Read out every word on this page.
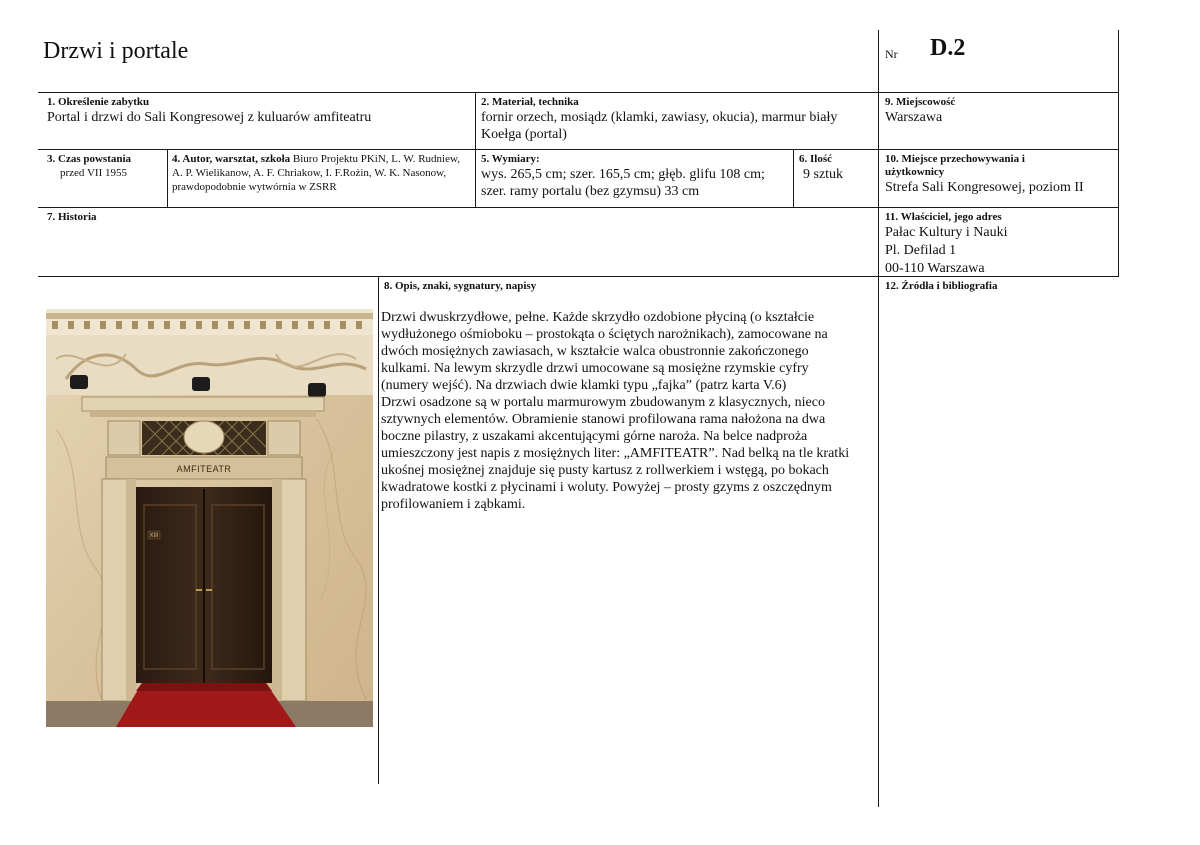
Drzwi i portale	Nr D.2
1. Określenie zabytku
Portal i drzwi do Sali Kongresowej z kuluarów amfiteatru
2. Materiał, technika
fornir orzech, mosiądz (klamki, zawiasy, okucia), marmur biały Koełga (portal)
9. Miejscowość
Warszawa
3. Czas powstania
przed VII 1955
4. Autor, warsztat, szkoła Biuro Projektu PKiN, L. W. Rudniew, A. P. Wielikanow, A. F. Chriakow, I. F.Rożin, W. K. Nasonow, prawdopodobnie wytwórnia w ZSRR
5. Wymiary:
wys. 265,5 cm; szer. 165,5 cm; głęb. glifu 108 cm; szer. ramy portalu (bez gzymsu) 33 cm
6. Ilość
9 sztuk
10. Miejsce przechowywania i
użytkownicy
Strefa Sali Kongresowej, poziom II
7. Historia	11. Właściciel, jego adres
Pałac Kultury i Nauki
Pl. Defilad 1
00-110 Warszawa
8. Opis, znaki, sygnatury, napisy
Drzwi dwuskrzydłowe, pełne. Każde skrzydło ozdobione płyciną (o kształcie wydłużonego ośmioboku – prostokąta o ściętych narożnikach), zamocowane na dwóch mosiężnych zawiasach, w kształcie walca obustronnie zakończonego kulkami. Na lewym skrzydle drzwi umocowane są mosiężne rzymskie cyfry (numery wejść). Na drzwiach dwie klamki typu „fajka” (patrz karta V.6)
Drzwi osadzone są w portalu marmurowym zbudowanym z klasycznych, nieco sztywnych elementów. Obramienie stanowi profilowana rama nałożona na dwa boczne pilastry, z uszakami akcentującymi górne naroża. Na belce nadproża umieszczony jest napis z mosiężnych liter: „AMFITEATR”. Nad belką na tle kratki ukośnej mosiężnej znajduje się pusty kartusz z rollwerkiem i wstęgą, po bokach kwadratowe kostki z płycinami i woluty. Powyżej – prosty gzyms z oszczędnym profilowaniem i ząbkami.
12. Źródła i bibliografia
AMFITEATR
XIII
